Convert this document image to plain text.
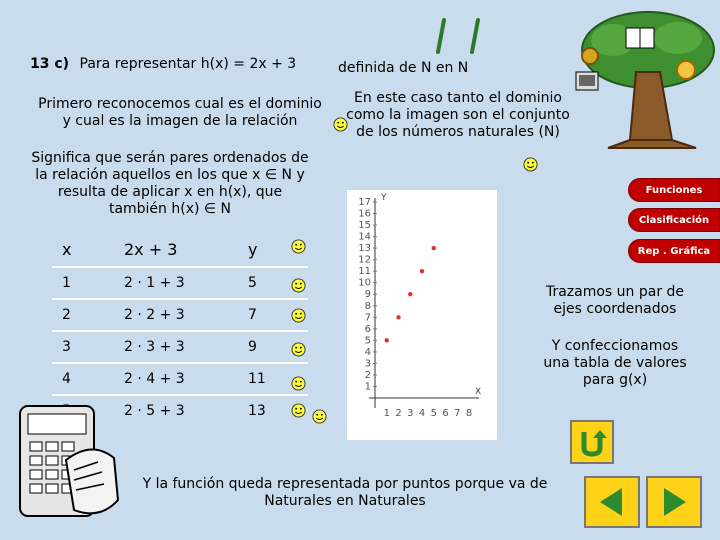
13 c) Para representar h(x) = 2x + 3	definida de N en N
Primero reconocemos cual es el dominio
y cual es la imagen de la relación
En este caso tanto el dominio
como la imagen son el conjunto
de los números naturales (N)
Significa que serán pares ordenados de
la relación aquellos en los que x ∈ N y
resulta de aplicar x en h(x), que
también h(x) ∈ N
x	2x + 3	y
1	2 · 1 + 3	5
2	2 · 2 + 3	7
3	2 · 3 + 3	9
4	2 · 4 + 3	11
	2 · 5 + 3	13
Y
X
1
2
3
4
5
6
7
8
9
10
11
12
13
14
15
16
17
1 2 3 4 5 6 7 8
Funciones
Clasificación
Rep . Gráfica
Trazamos un par de
ejes coordenados
Y confeccionamos
una tabla de valores
para g(x)
Y la función queda representada por puntos porque va de
Naturales en Naturales
